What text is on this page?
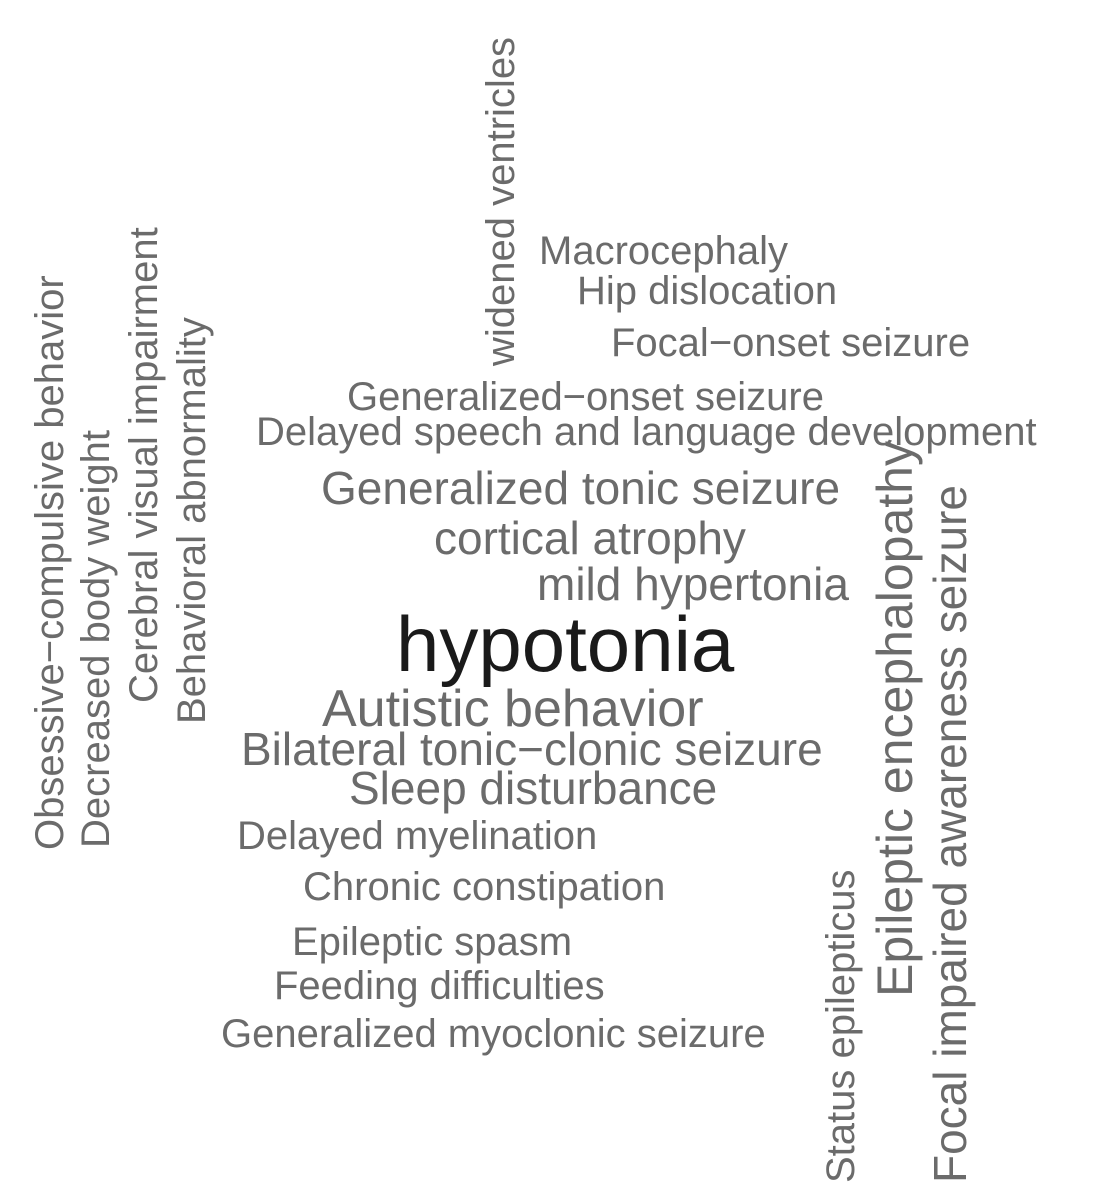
Macrocephaly
Hip dislocation
Focal−onset seizure
Generalized−onset seizure
Delayed speech and language development
Generalized tonic seizure
cortical atrophy
mild hypertonia
hypotonia
Autistic behavior
Bilateral tonic−clonic seizure
Sleep disturbance
Delayed myelination
Chronic constipation
Epileptic spasm
Feeding difficulties
Generalized myoclonic seizure
widened ventricles
Obsessive−compulsive behavior Decreased body weight Cerebral visual impairment Behavioral abnormality
Status epilepticus
Epileptic encephalopathy Focal impaired awareness seizure
